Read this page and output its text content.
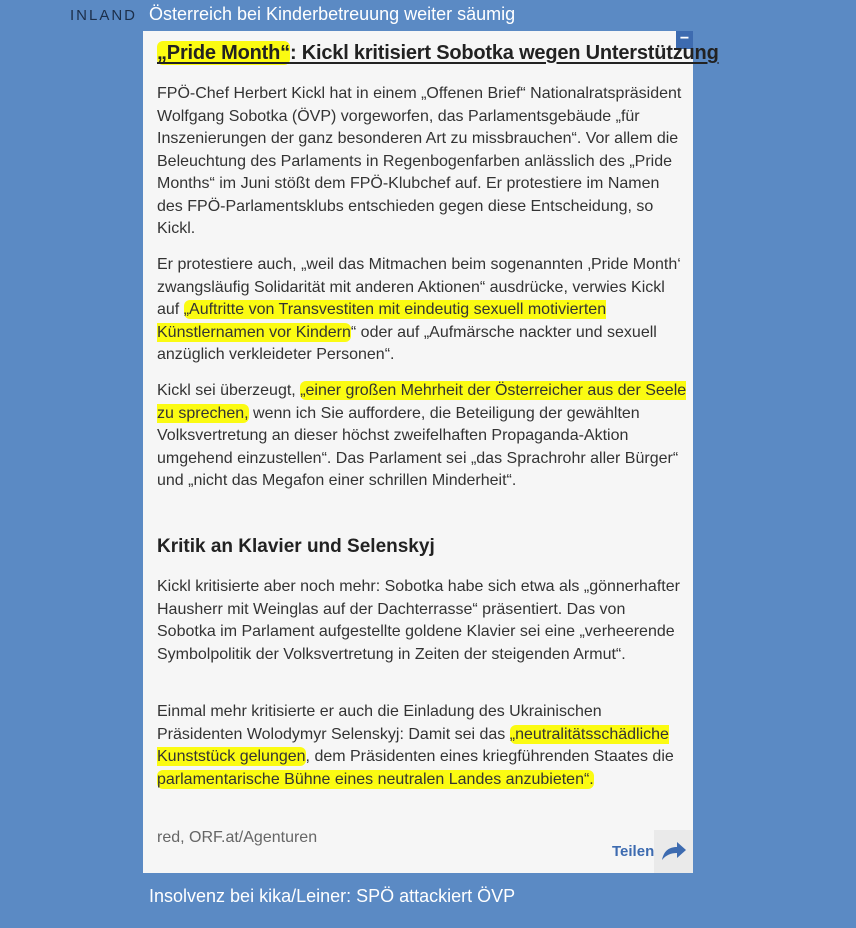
INLAND Österreich bei Kinderbetreuung weiter säumig
−
„Pride Month“: Kickl kritisiert Sobotka wegen Unterstützung

FPÖ-Chef Herbert Kickl hat in einem „Offenen Brief“ Nationalratspräsident Wolfgang Sobotka (ÖVP) vorgeworfen, das Parlamentsgebäude „für Inszenierungen der ganz besonderen Art zu missbrauchen“. Vor allem die Beleuchtung des Parlaments in Regenbogenfarben anlässlich des „Pride Months“ im Juni stößt dem FPÖ-Klubchef auf. Er protestiere im Namen des FPÖ-Parlamentsklubs entschieden gegen diese Entscheidung, so Kickl.

Er protestiere auch, „weil das Mitmachen beim sogenannten ‚Pride Month‘ zwangsläufig Solidarität mit anderen Aktionen“ ausdrücke, verwies Kickl auf „Auftritte von Transvestiten mit eindeutig sexuell motivierten Künstlernamen vor Kindern“ oder auf „Aufmärsche nackter und sexuell anzüglich verkleideter Personen“.

Kickl sei überzeugt, „einer großen Mehrheit der Österreicher aus der Seele zu sprechen, wenn ich Sie auffordere, die Beteiligung der gewählten Volksvertretung an dieser höchst zweifelhaften Propaganda-Aktion umgehend einzustellen“. Das Parlament sei „das Sprachrohr aller Bürger“ und „nicht das Megafon einer schrillen Minderheit“.

Kritik an Klavier und Selenskyj

Kickl kritisierte aber noch mehr: Sobotka habe sich etwa als „gönnerhafter Hausherr mit Weinglas auf der Dachterrasse“ präsentiert. Das von Sobotka im Parlament aufgestellte goldene Klavier sei eine „verheerende Symbolpolitik der Volksvertretung in Zeiten der steigenden Armut“.

Einmal mehr kritisierte er auch die Einladung des Ukrainischen Präsidenten Wolodymyr Selenskyj: Damit sei das „neutralitätsschädliche Kunststück gelungen, dem Präsidenten eines kriegführenden Staates die parlamentarische Bühne eines neutralen Landes anzubieten“.

red, ORF.at/Agenturen
Teilen
Insolvenz bei kika/Leiner: SPÖ attackiert ÖVP
